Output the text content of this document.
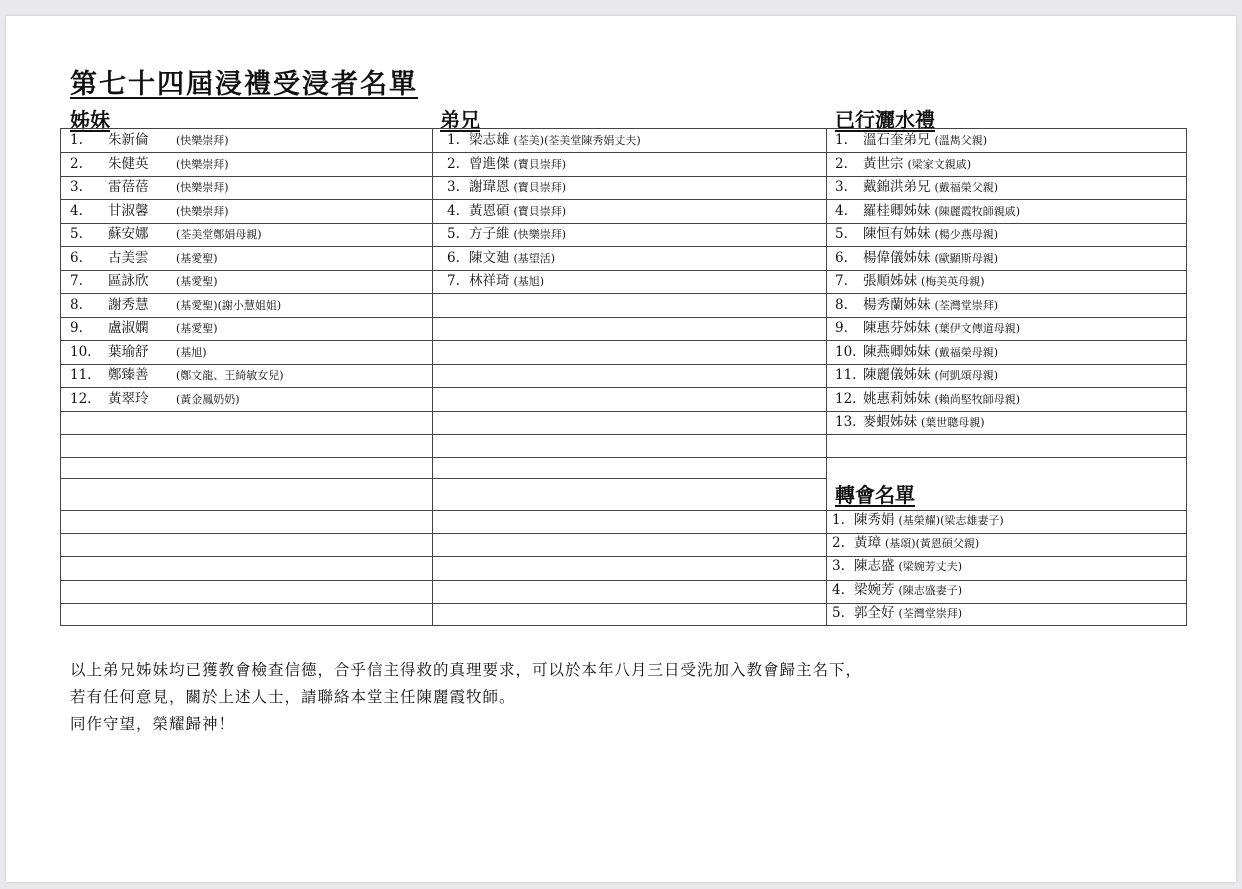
第七十四屆浸禮受浸者名單
姊妹	弟兄	已行灑水禮
轉會名單
以上弟兄姊妹均已獲教會檢查信德，合乎信主得救的真理要求，可以於本年八月三日受洗加入教會歸主名下，
若有任何意見，關於上述人士，請聯絡本堂主任陳麗霞牧師。
同作守望，榮耀歸神！
1. 朱新倫	(快樂崇拜)
2. 朱健英	(快樂崇拜)
3. 雷蓓蓓	(快樂崇拜)
4. 甘淑馨	(快樂崇拜)
5. 蘇安娜	(荃美堂鄭娟母親)
6. 古美雲	(基愛聖)
7. 區詠欣	(基愛聖)
8. 謝秀慧	(基愛聖)(謝小慧姐姐)
9. 盧淑嫻	(基愛聖)
10. 葉瑜舒	(基旭)
11. 鄭臻善	(鄭文龍、王綺敏女兒)
12. 黃翠玲	(黃金鳳奶奶)
1. 梁志雄 (荃美)(荃美堂陳秀娟丈夫)
2. 曾進傑 (寶貝崇拜)
3. 謝瑋恩 (寶貝崇拜)
4. 黃恩碩 (寶貝崇拜)
5. 方子維 (快樂崇拜)
6. 陳文廸 (基望活)
7. 林祥琦 (基旭)
1. 溫石奎弟兄 (溫雋父親)
2. 黃世宗 (梁家文親戚)
3. 戴錦洪弟兄 (戴福榮父親)
4. 羅桂卿姊妹 (陳麗霞牧師親戚)
5. 陳恒有姊妹 (楊少燕母親)
6. 楊偉儀姊妹 (歐顯斯母親)
7. 張順姊妹 (梅美英母親)
8. 楊秀蘭姊妹 (荃灣堂崇拜)
9. 陳惠芬姊妹 (葉伊文傳道母親)
10. 陳燕卿姊妹 (戴福榮母親)
11. 陳麗儀姊妹 (何凱頌母親)
12. 姚惠莉姊妹 (賴尚堅牧師母親)
13. 麥蝦姊妹 (葉世聰母親)
1. 陳秀娟 (基榮耀)(梁志雄妻子)
2. 黃璋 (基頌)(黃恩碩父親)
3. 陳志盛 (梁婉芳丈夫)
4. 梁婉芳 (陳志盛妻子)
5. 郭全好 (荃灣堂崇拜)
